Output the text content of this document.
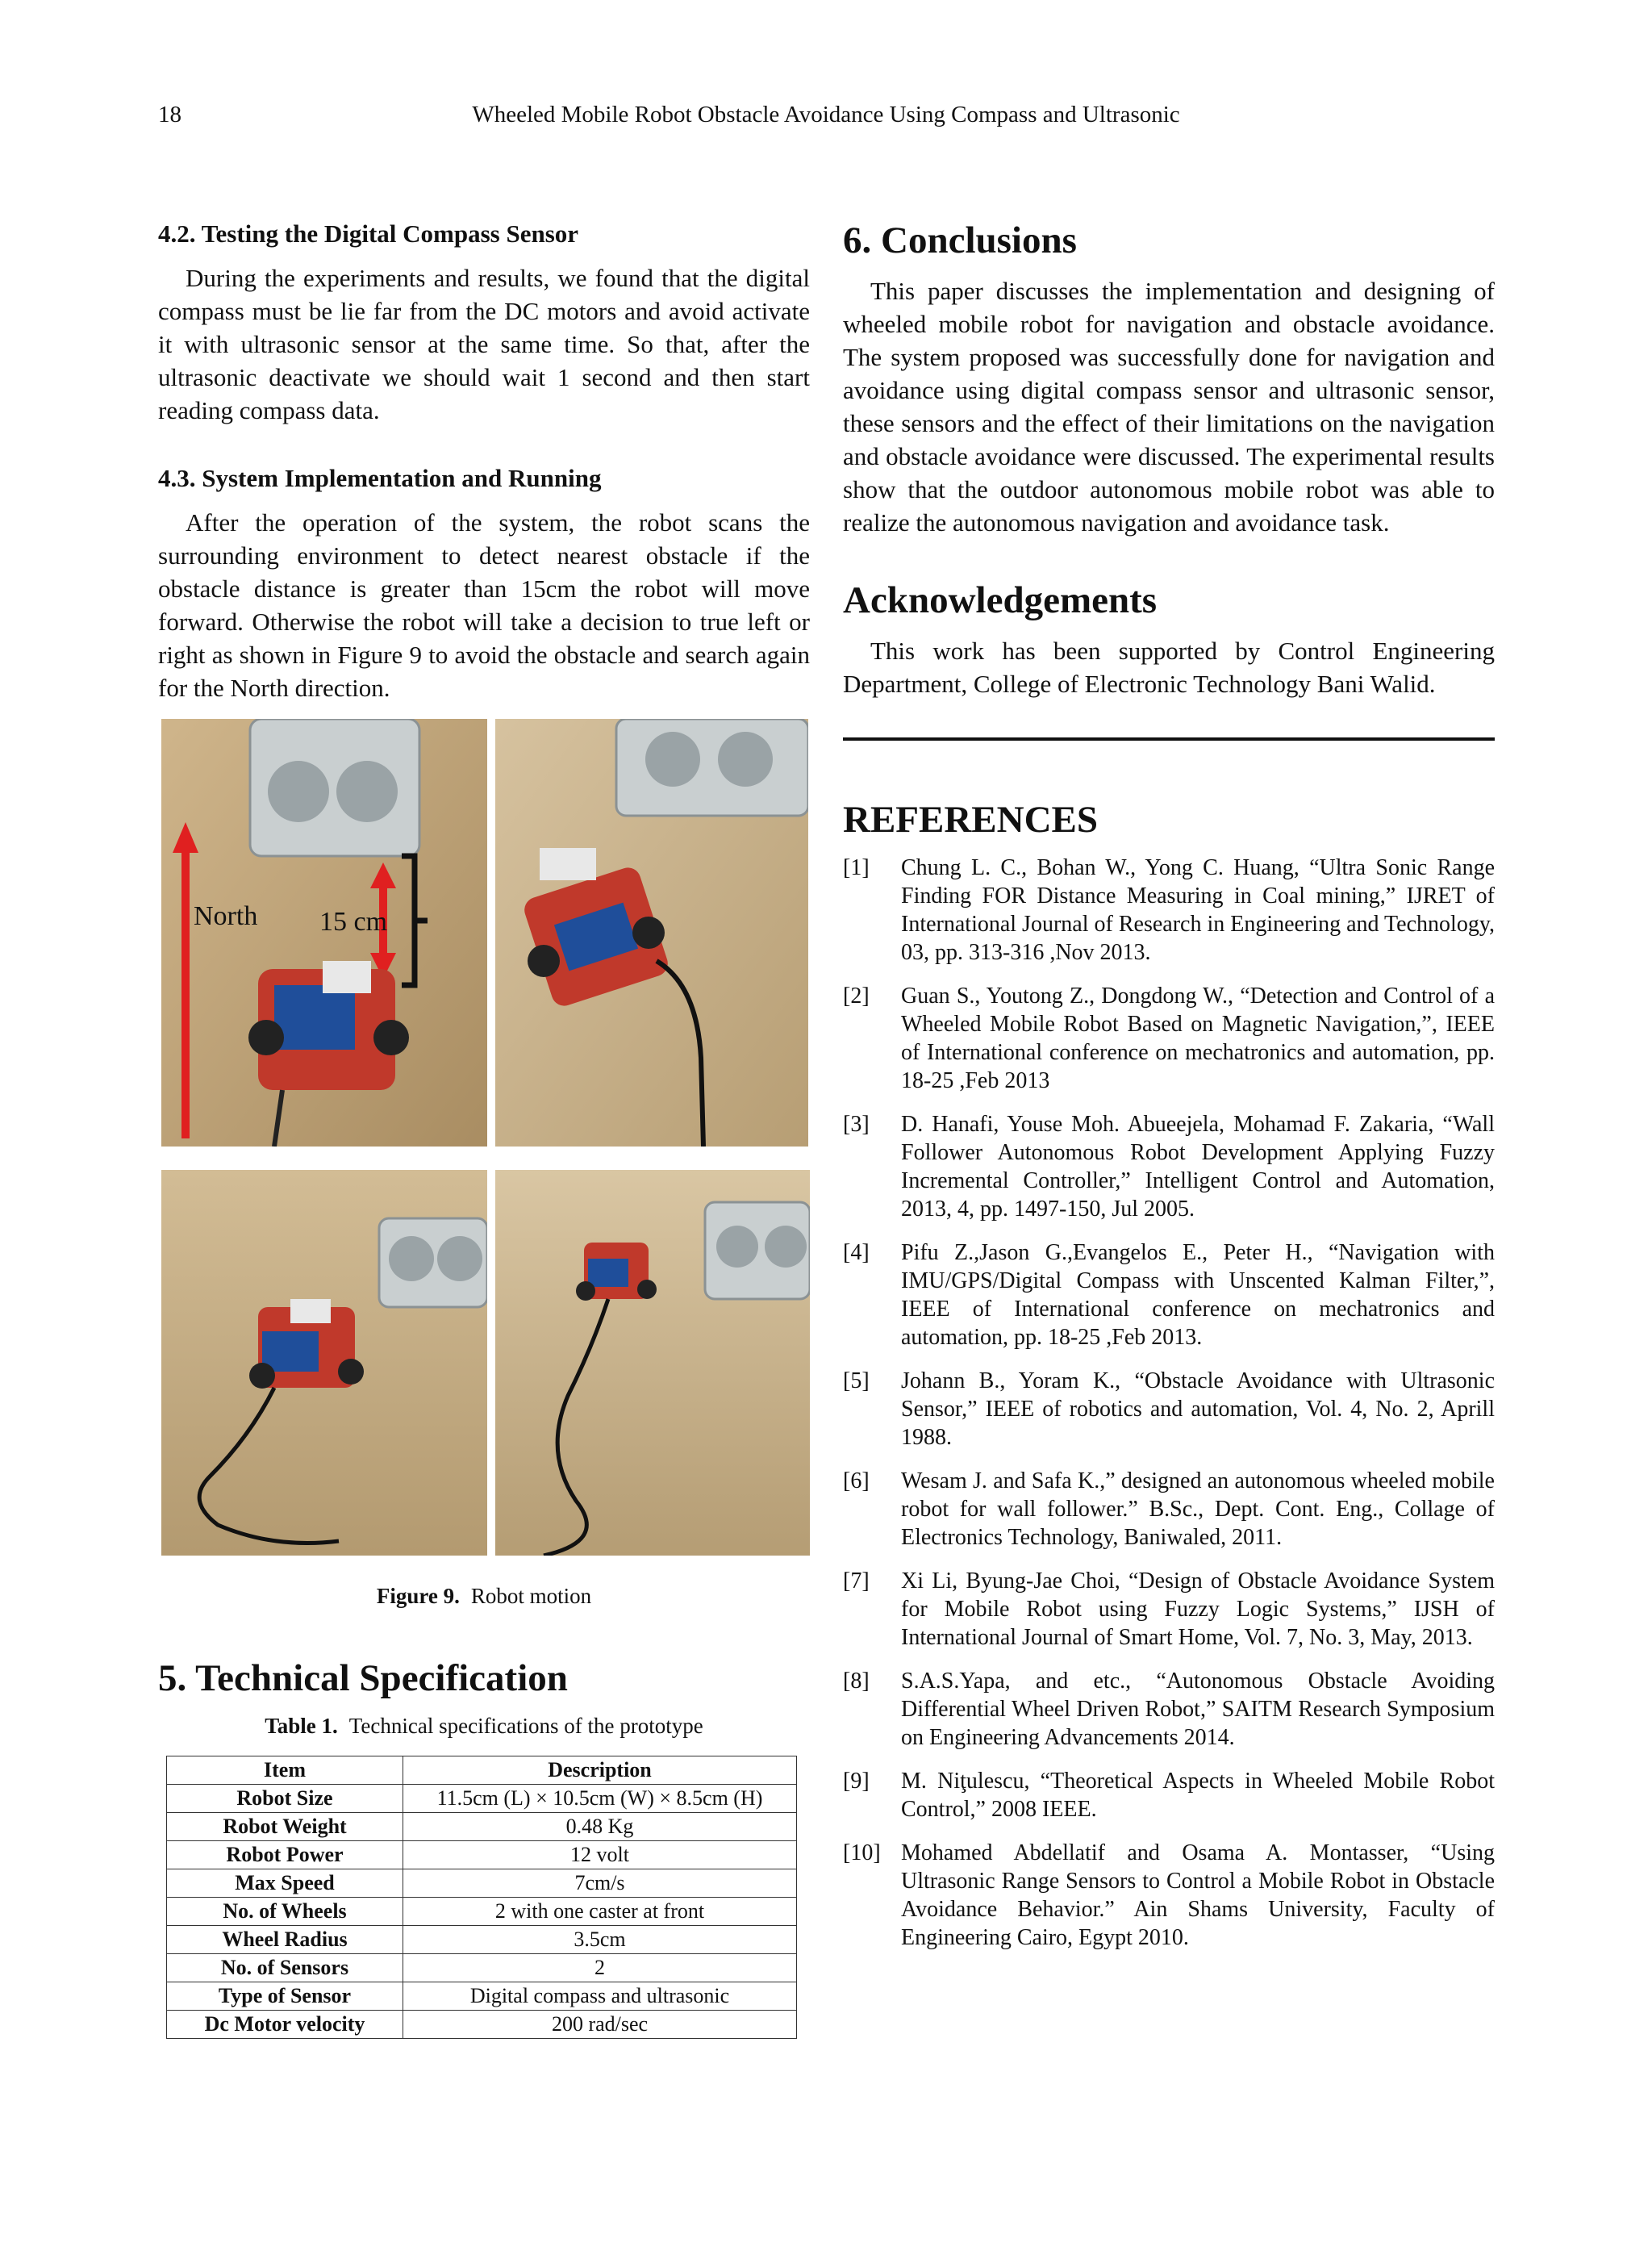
18	Wheeled Mobile Robot Obstacle Avoidance Using Compass and Ultrasonic
4.2. Testing the Digital Compass Sensor

During the experiments and results, we found that the digital compass must be lie far from the DC motors and avoid activate it with ultrasonic sensor at the same time. So that, after the ultrasonic deactivate we should wait 1 second and then start reading compass data.

4.3. System Implementation and Running

After the operation of the system, the robot scans the surrounding environment to detect nearest obstacle if the obstacle distance is greater than 15cm the robot will move forward. Otherwise the robot will take a decision to true left or right as shown in Figure 9 to avoid the obstacle and search again for the North direction.

North 15 cm
Figure 9. Robot motion
5. Technical Specification
Table 1. Technical specifications of the prototype
Item	Description
Robot Size	11.5cm (L) × 10.5cm (W) × 8.5cm (H)
Robot Weight	0.48 Kg
Robot Power	12 volt
Max Speed	7cm/s
No. of Wheels	2 with one caster at front
Wheel Radius	3.5cm
No. of Sensors	2
Type of Sensor	Digital compass and ultrasonic
Dc Motor velocity	200 rad/sec
6. Conclusions

This paper discusses the implementation and designing of wheeled mobile robot for navigation and obstacle avoidance. The system proposed was successfully done for navigation and avoidance using digital compass sensor and ultrasonic sensor, these sensors and the effect of their limitations on the navigation and obstacle avoidance were discussed. The experimental results show that the outdoor autonomous mobile robot was able to realize the autonomous navigation and avoidance task.

Acknowledgements

This work has been supported by Control Engineering Department, College of Electronic Technology Bani Walid.

REFERENCES
[1] Chung L. C., Bohan W., Yong C. Huang, “Ultra Sonic Range Finding FOR Distance Measuring in Coal mining,” IJRET of International Journal of Research in Engineering and Technology, 03, pp. 313-316 ,Nov 2013.
[2] Guan S., Youtong Z., Dongdong W., “Detection and Control of a Wheeled Mobile Robot Based on Magnetic Navigation,”, IEEE of International conference on mechatronics and automation, pp. 18-25 ,Feb 2013
[3] D. Hanafi, Youse Moh. Abueejela, Mohamad F. Zakaria, “Wall Follower Autonomous Robot Development Applying Fuzzy Incremental Controller,” Intelligent Control and Automation, 2013, 4, pp. 1497-150, Jul 2005.
[4] Pifu Z.,Jason G.,Evangelos E., Peter H., “Navigation with IMU/GPS/Digital Compass with Unscented Kalman Filter,”, IEEE of International conference on mechatronics and automation, pp. 18-25 ,Feb 2013.
[5] Johann B., Yoram K., “Obstacle Avoidance with Ultrasonic Sensor,” IEEE of robotics and automation, Vol. 4, No. 2, Aprill 1988.
[6] Wesam J. and Safa K.,” designed an autonomous wheeled mobile robot for wall follower.” B.Sc., Dept. Cont. Eng., Collage of Electronics Technology, Baniwaled, 2011.
[7] Xi Li, Byung-Jae Choi, “Design of Obstacle Avoidance System for Mobile Robot using Fuzzy Logic Systems,” IJSH of International Journal of Smart Home, Vol. 7, No. 3, May, 2013.
[8] S.A.S.Yapa, and etc., “Autonomous Obstacle Avoiding Differential Wheel Driven Robot,” SAITM Research Symposium on Engineering Advancements 2014.
[9] M. Niţulescu, “Theoretical Aspects in Wheeled Mobile Robot Control,” 2008 IEEE.
[10] Mohamed Abdellatif and Osama A. Montasser, “Using Ultrasonic Range Sensors to Control a Mobile Robot in Obstacle Avoidance Behavior.” Ain Shams University, Faculty of Engineering Cairo, Egypt 2010.
